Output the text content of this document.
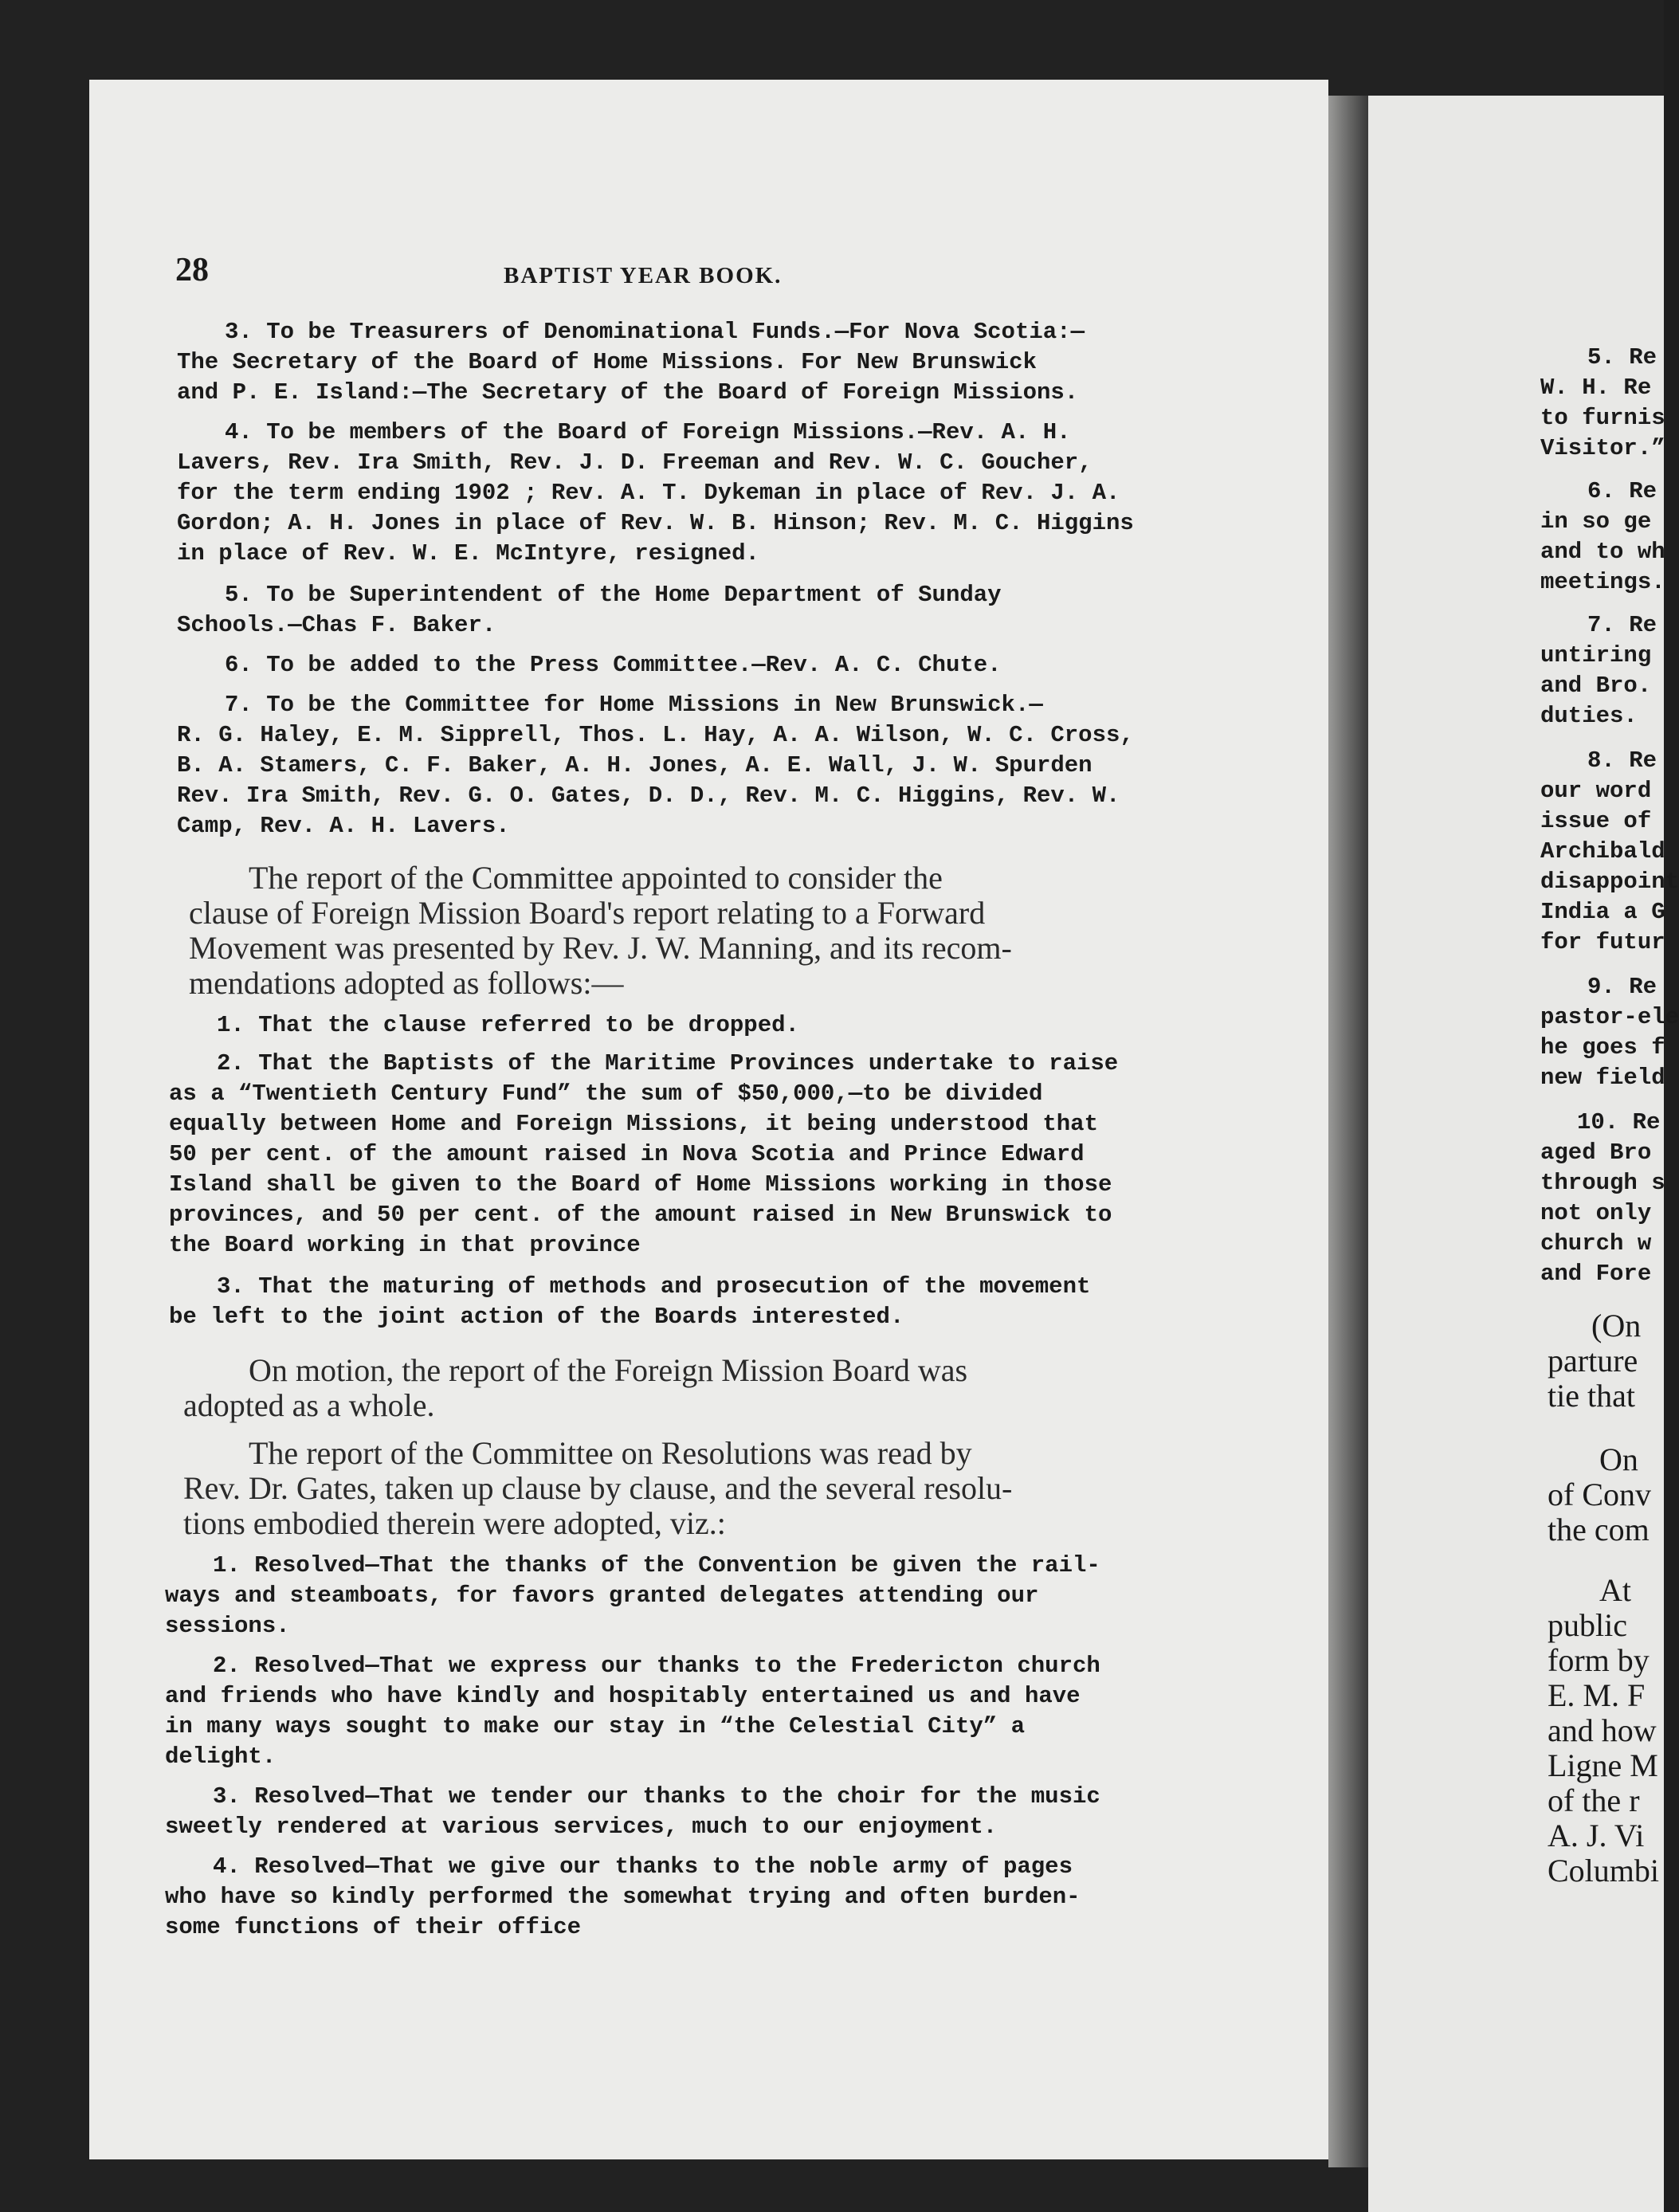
28	BAPTIST YEAR BOOK.
3. To be Treasurers of Denominational Funds.—For Nova Scotia:—
The Secretary of the Board of Home Missions. For New Brunswick
and P. E. Island:—The Secretary of the Board of Foreign Missions.
4. To be members of the Board of Foreign Missions.—Rev. A. H.
Lavers, Rev. Ira Smith, Rev. J. D. Freeman and Rev. W. C. Goucher,
for the term ending 1902 ; Rev. A. T. Dykeman in place of Rev. J. A.
Gordon; A. H. Jones in place of Rev. W. B. Hinson; Rev. M. C. Higgins
in place of Rev. W. E. McIntyre, resigned.
5. To be Superintendent of the Home Department of Sunday
Schools.—Chas F. Baker.
6. To be added to the Press Committee.—Rev. A. C. Chute.
7. To be the Committee for Home Missions in New Brunswick.—
R. G. Haley, E. M. Sipprell, Thos. L. Hay, A. A. Wilson, W. C. Cross,
B. A. Stamers, C. F. Baker, A. H. Jones, A. E. Wall, J. W. Spurden
Rev. Ira Smith, Rev. G. O. Gates, D. D., Rev. M. C. Higgins, Rev. W.
Camp, Rev. A. H. Lavers.
The report of the Committee appointed to consider the
clause of Foreign Mission Board's report relating to a Forward
Movement was presented by Rev. J. W. Manning, and its recom-
mendations adopted as follows:—
1. That the clause referred to be dropped.
2. That the Baptists of the Maritime Provinces undertake to raise
as a “Twentieth Century Fund” the sum of $50,000,—to be divided
equally between Home and Foreign Missions, it being understood that
50 per cent. of the amount raised in Nova Scotia and Prince Edward
Island shall be given to the Board of Home Missions working in those
provinces, and 50 per cent. of the amount raised in New Brunswick to
the Board working in that province
3. That the maturing of methods and prosecution of the movement
be left to the joint action of the Boards interested.
On motion, the report of the Foreign Mission Board was
adopted as a whole.
The report of the Committee on Resolutions was read by
Rev. Dr. Gates, taken up clause by clause, and the several resolu-
tions embodied therein were adopted, viz.:
1. Resolved—That the thanks of the Convention be given the rail-
ways and steamboats, for favors granted delegates attending our
sessions.
2. Resolved—That we express our thanks to the Fredericton church
and friends who have kindly and hospitably entertained us and have
in many ways sought to make our stay in “the Celestial City” a
delight.
3. Resolved—That we tender our thanks to the choir for the music
sweetly rendered at various services, much to our enjoyment.
4. Resolved—That we give our thanks to the noble army of pages
who have so kindly performed the somewhat trying and often burden-
some functions of their office
5. Re
W. H. Re
to furnis
Visitor.”
6. Re
in so ge
and to wh
meetings.
7. Re
untiring
and Bro.
duties.
8. Re
our word
issue of
Archibald
disappoint
India a G
for futur
9. Re
pastor-ele
he goes f
new field
10. Re
aged Bro
through s
not only
church w
and Fore
(On
parture
tie that
On
of Conv
the com
At
public
form by
E. M. F
and how
Ligne M
of the r
A. J. Vi
Columbi
